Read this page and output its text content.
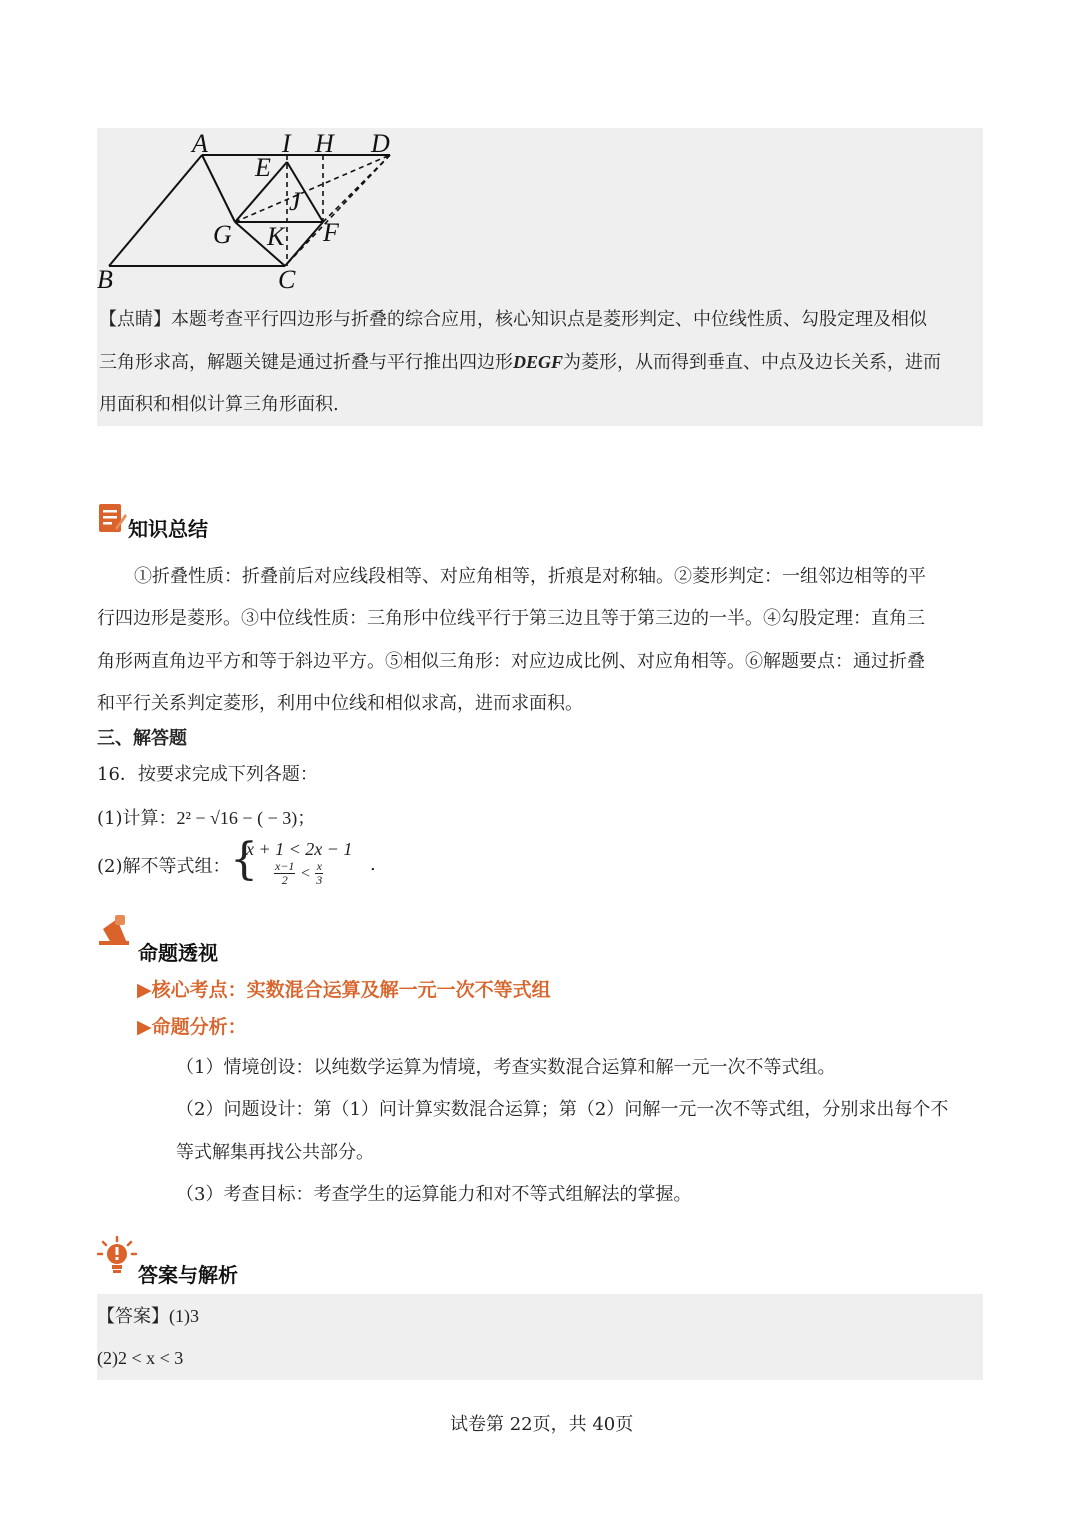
A
B	C
D
E
F
G
H
I
J
K
【点睛】本题考查平行四边形与折叠的综合应用，核心知识点是菱形判定、中位线性质、勾股定理及相似
三角形求高，解题关键是通过折叠与平行推出四边形DEGF为菱形，从而得到垂直、中点及边长关系，进而
用面积和相似计算三角形面积.
知识总结
①折叠性质：折叠前后对应线段相等、对应角相等，折痕是对称轴。②菱形判定：一组邻边相等的平
行四边形是菱形。③中位线性质：三角形中位线平行于第三边且等于第三边的一半。④勾股定理：直角三
角形两直角边平方和等于斜边平方。⑤相似三角形：对应边成比例、对应角相等。⑥解题要点：通过折叠
和平行关系判定菱形，利用中位线和相似求高，进而求面积。
三、解答题
16．按要求完成下列各题：
(1)计算：2² − √16 − ( − 3)；
(2)解不等式组： {
x + 1 < 2x − 1
$\frac{x-1}{2} < \frac{x}{3}$	.
命题透视
▶核心考点：实数混合运算及解一元一次不等式组
▶命题分析：
（1）情境创设：以纯数学运算为情境，考查实数混合运算和解一元一次不等式组。
（2）问题设计：第（1）问计算实数混合运算；第（2）问解一元一次不等式组，分别求出每个不
等式解集再找公共部分。
（3）考查目标：考查学生的运算能力和对不等式组解法的掌握。
答案与解析
【答案】(1)3
(2)2 < x < 3
试卷第 22页，共 40页
